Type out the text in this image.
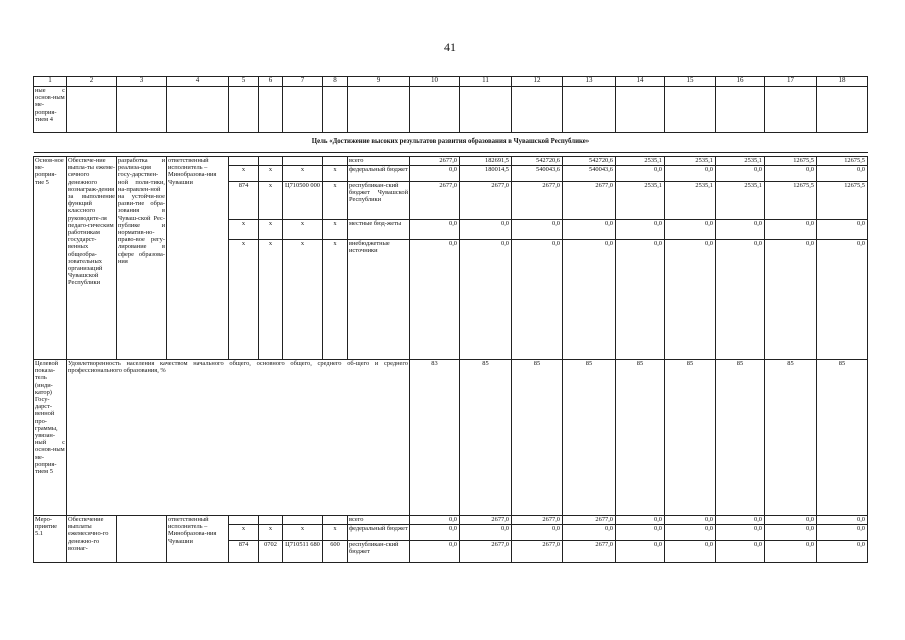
41
1	2	3	4	5	6	7	8	9	10	11	12	13	14	15	16	17	18
ные с основ-ным ме-роприя-тием 4																	
Цель «Достижение высоких результатов развития образования в Чувашской Республике»																	

Основ-ное ме-роприя-тие 5	Обеспече-ние выпла-ты ежеме-сячного денежного вознаграж-дения за выполнение функций классного руководите-ля педаго-гическим работникам государст-венных общеобра-зовательных организаций Чувашской Республики	разработка и реализа-ция госу-дарствен-ной поли-тики, на-правлен-ной на устойчи-вое разви-тие обра-зования в Чуваш-ской Рес-публике и норматив-но-право-вое регу-лирование в сфере образова-ния	ответственный исполнитель – Минобразова-ния Чувашии					всего	2677,0	182691,5	542720,6	542720,6	2535,1	2535,1	2535,1	12675,5	12675,5
				x	x	x	x	федеральный бюджет	0,0	180014,5	540043,6	540043,6	0,0	0,0	0,0	0,0	0,0
				874	x	Ц710500 000	x	республикан-ский бюджет Чувашской Республики	2677,0	2677,0	2677,0	2677,0	2535,1	2535,1	2535,1	12675,5	12675,5
				x	x	x	x	местные бюд-жеты	0,0	0,0	0,0	0,0	0,0	0,0	0,0	0,0	0,0
				x	x	x	x	внебюджетные источники	0,0	0,0	0,0	0,0	0,0	0,0	0,0	0,0	0,0
Целевой показа-тель (инди-катор) Госу-дарст-венной про-граммы, увязан-ный с основ-ным ме-роприя-тием 5	Удовлетворенность населения качеством начального общего, основного общего, среднего об-щего и среднего профессионального образования, %								83	85	85	85	85	85	85	85	85
Меро-приятие 5.1	Обеспечение выплаты ежемесячно-го денежно-го вознаг-		ответственный исполнитель – Минобразова-ния Чувашии					всего	0,0	2677,0	2677,0	2677,0	0,0	0,0	0,0	0,0	0,0
				x	x	x	x	федеральный бюджет	0,0	0,0	0,0	0,0	0,0	0,0	0,0	0,0	0,0
				874	0702	Ц710511 680	600	республикан-ский бюджет	0,0	2677,0	2677,0	2677,0	0,0	0,0	0,0	0,0	0,0
